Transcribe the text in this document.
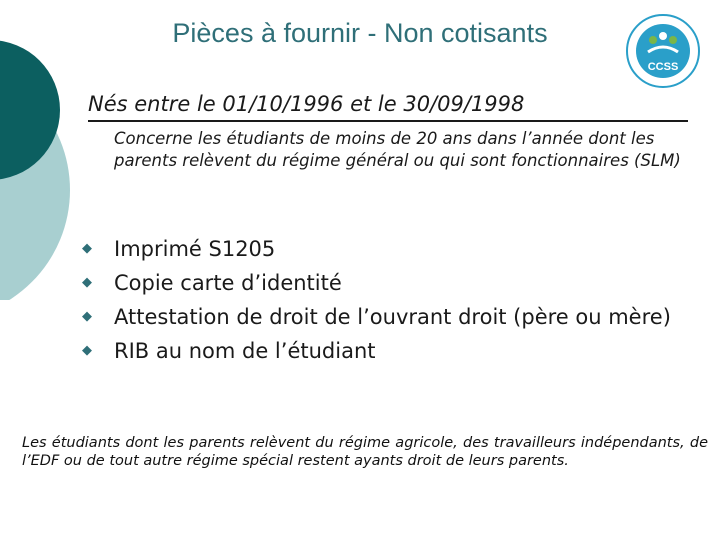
Pièces à fournir - Non cotisants
CCSS
Nés entre le 01/10/1996 et le 30/09/1998
Concerne les étudiants de moins de 20 ans dans l’année dont les parents relèvent du régime général ou qui sont fonctionnaires (SLM)
◆ Imprimé S1205
◆ Copie carte d’identité
◆ Attestation de droit de l’ouvrant droit (père ou mère)
◆ RIB au nom de l’étudiant
Les étudiants dont les parents relèvent du régime agricole, des travailleurs indépendants, de l’EDF ou de tout autre régime spécial restent ayants droit de leurs parents.
